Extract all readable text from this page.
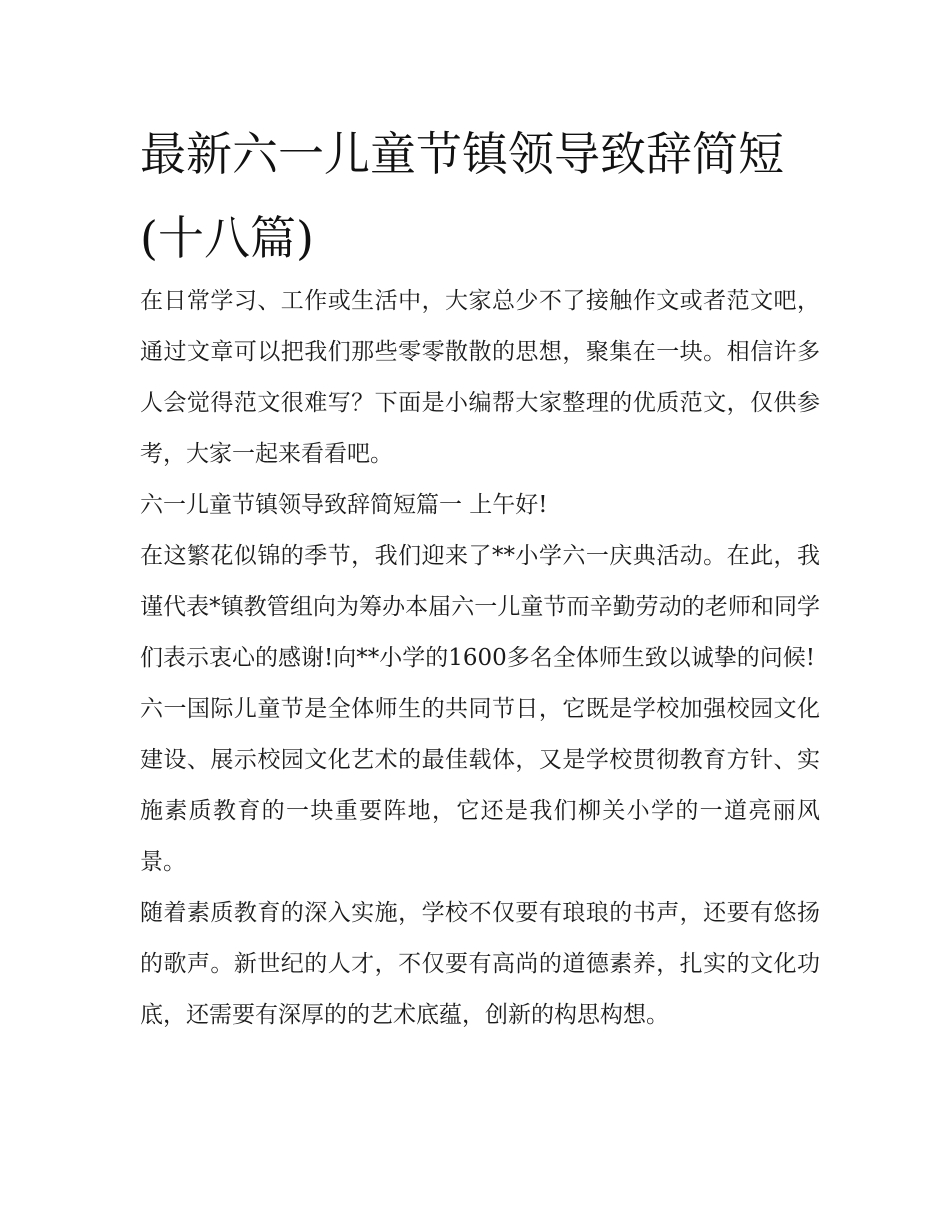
最新六一儿童节镇领导致辞简短(十八篇)

在日常学习、工作或生活中，大家总少不了接触作文或者范文吧，通过文章可以把我们那些零零散散的思想，聚集在一块。相信许多人会觉得范文很难写？下面是小编帮大家整理的优质范文，仅供参考，大家一起来看看吧。

六一儿童节镇领导致辞简短篇一 上午好!

在这繁花似锦的季节，我们迎来了**小学六一庆典活动。在此，我谨代表*镇教管组向为筹办本届六一儿童节而辛勤劳动的老师和同学们表示衷心的感谢!向**小学的1600多名全体师生致以诚挚的问候!

六一国际儿童节是全体师生的共同节日，它既是学校加强校园文化建设、展示校园文化艺术的最佳载体，又是学校贯彻教育方针、实施素质教育的一块重要阵地，它还是我们柳关小学的一道亮丽风景。

随着素质教育的深入实施，学校不仅要有琅琅的书声，还要有悠扬的歌声。新世纪的人才，不仅要有高尚的道德素养，扎实的文化功底，还需要有深厚的的艺术底蕴，创新的构思构想。
